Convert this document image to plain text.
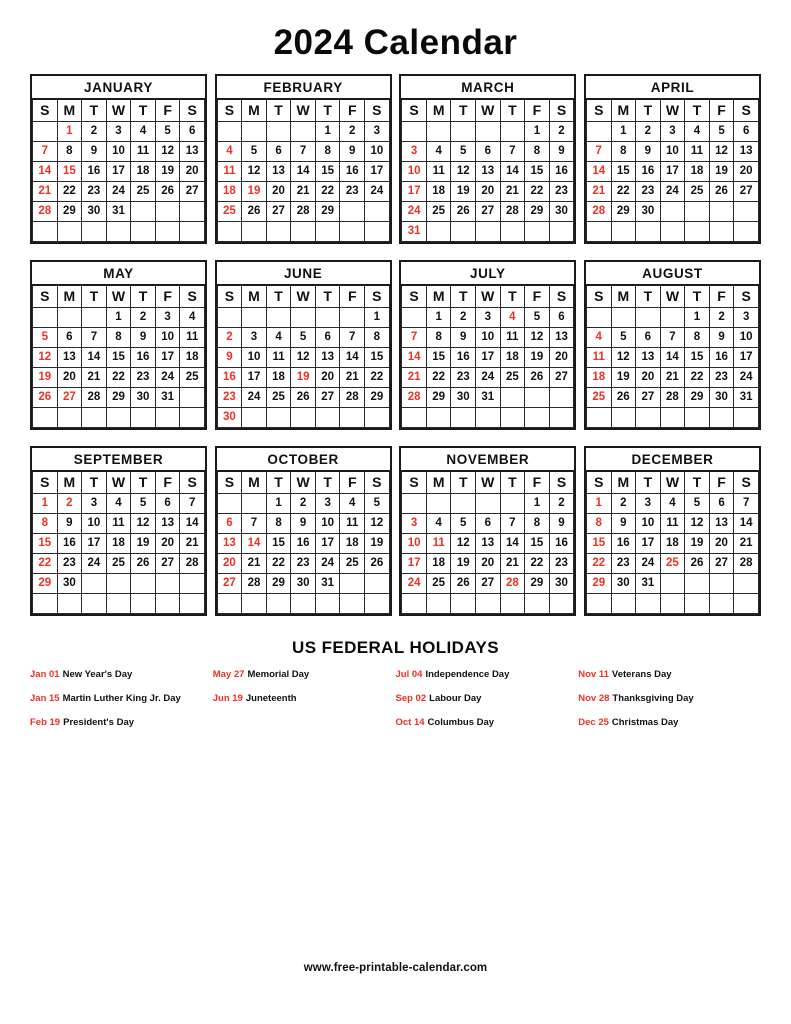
2024 Calendar
JANUARY
S	M	T	W	T	F	S
	1	2	3	4	5	6
7	8	9	10	11	12	13
14	15	16	17	18	19	20
21	22	23	24	25	26	27
28	29	30	31			

FEBRUARY
S	M	T	W	T	F	S
				1	2	3
4	5	6	7	8	9	10
11	12	13	14	15	16	17
18	19	20	21	22	23	24
25	26	27	28	29		

MARCH
S	M	T	W	T	F	S
					1	2
3	4	5	6	7	8	9
10	11	12	13	14	15	16
17	18	19	20	21	22	23
24	25	26	27	28	29	30
31						
APRIL
S	M	T	W	T	F	S
	1	2	3	4	5	6
7	8	9	10	11	12	13
14	15	16	17	18	19	20
21	22	23	24	25	26	27
28	29	30				

MAY
S	M	T	W	T	F	S
			1	2	3	4
5	6	7	8	9	10	11
12	13	14	15	16	17	18
19	20	21	22	23	24	25
26	27	28	29	30	31	

JUNE
S	M	T	W	T	F	S
						1
2	3	4	5	6	7	8
9	10	11	12	13	14	15
16	17	18	19	20	21	22
23	24	25	26	27	28	29
30						
JULY
S	M	T	W	T	F	S
	1	2	3	4	5	6
7	8	9	10	11	12	13
14	15	16	17	18	19	20
21	22	23	24	25	26	27
28	29	30	31			

AUGUST
S	M	T	W	T	F	S
				1	2	3
4	5	6	7	8	9	10
11	12	13	14	15	16	17
18	19	20	21	22	23	24
25	26	27	28	29	30	31

SEPTEMBER
S	M	T	W	T	F	S
1	2	3	4	5	6	7
8	9	10	11	12	13	14
15	16	17	18	19	20	21
22	23	24	25	26	27	28
29	30					

OCTOBER
S	M	T	W	T	F	S
		1	2	3	4	5
6	7	8	9	10	11	12
13	14	15	16	17	18	19
20	21	22	23	24	25	26
27	28	29	30	31		

NOVEMBER
S	M	T	W	T	F	S
					1	2
3	4	5	6	7	8	9
10	11	12	13	14	15	16
17	18	19	20	21	22	23
24	25	26	27	28	29	30

DECEMBER
S	M	T	W	T	F	S
1	2	3	4	5	6	7
8	9	10	11	12	13	14
15	16	17	18	19	20	21
22	23	24	25	26	27	28
29	30	31				

US FEDERAL HOLIDAYS
Jan 01 New Year's Day
Jan 15 Martin Luther King Jr. Day
Feb 19 President's Day
May 27 Memorial Day
Jun 19 Juneteenth
Jul 04 Independence Day
Sep 02 Labour Day
Oct 14 Columbus Day
Nov 11 Veterans Day
Nov 28 Thanksgiving Day
Dec 25 Christmas Day
www.free-printable-calendar.com
